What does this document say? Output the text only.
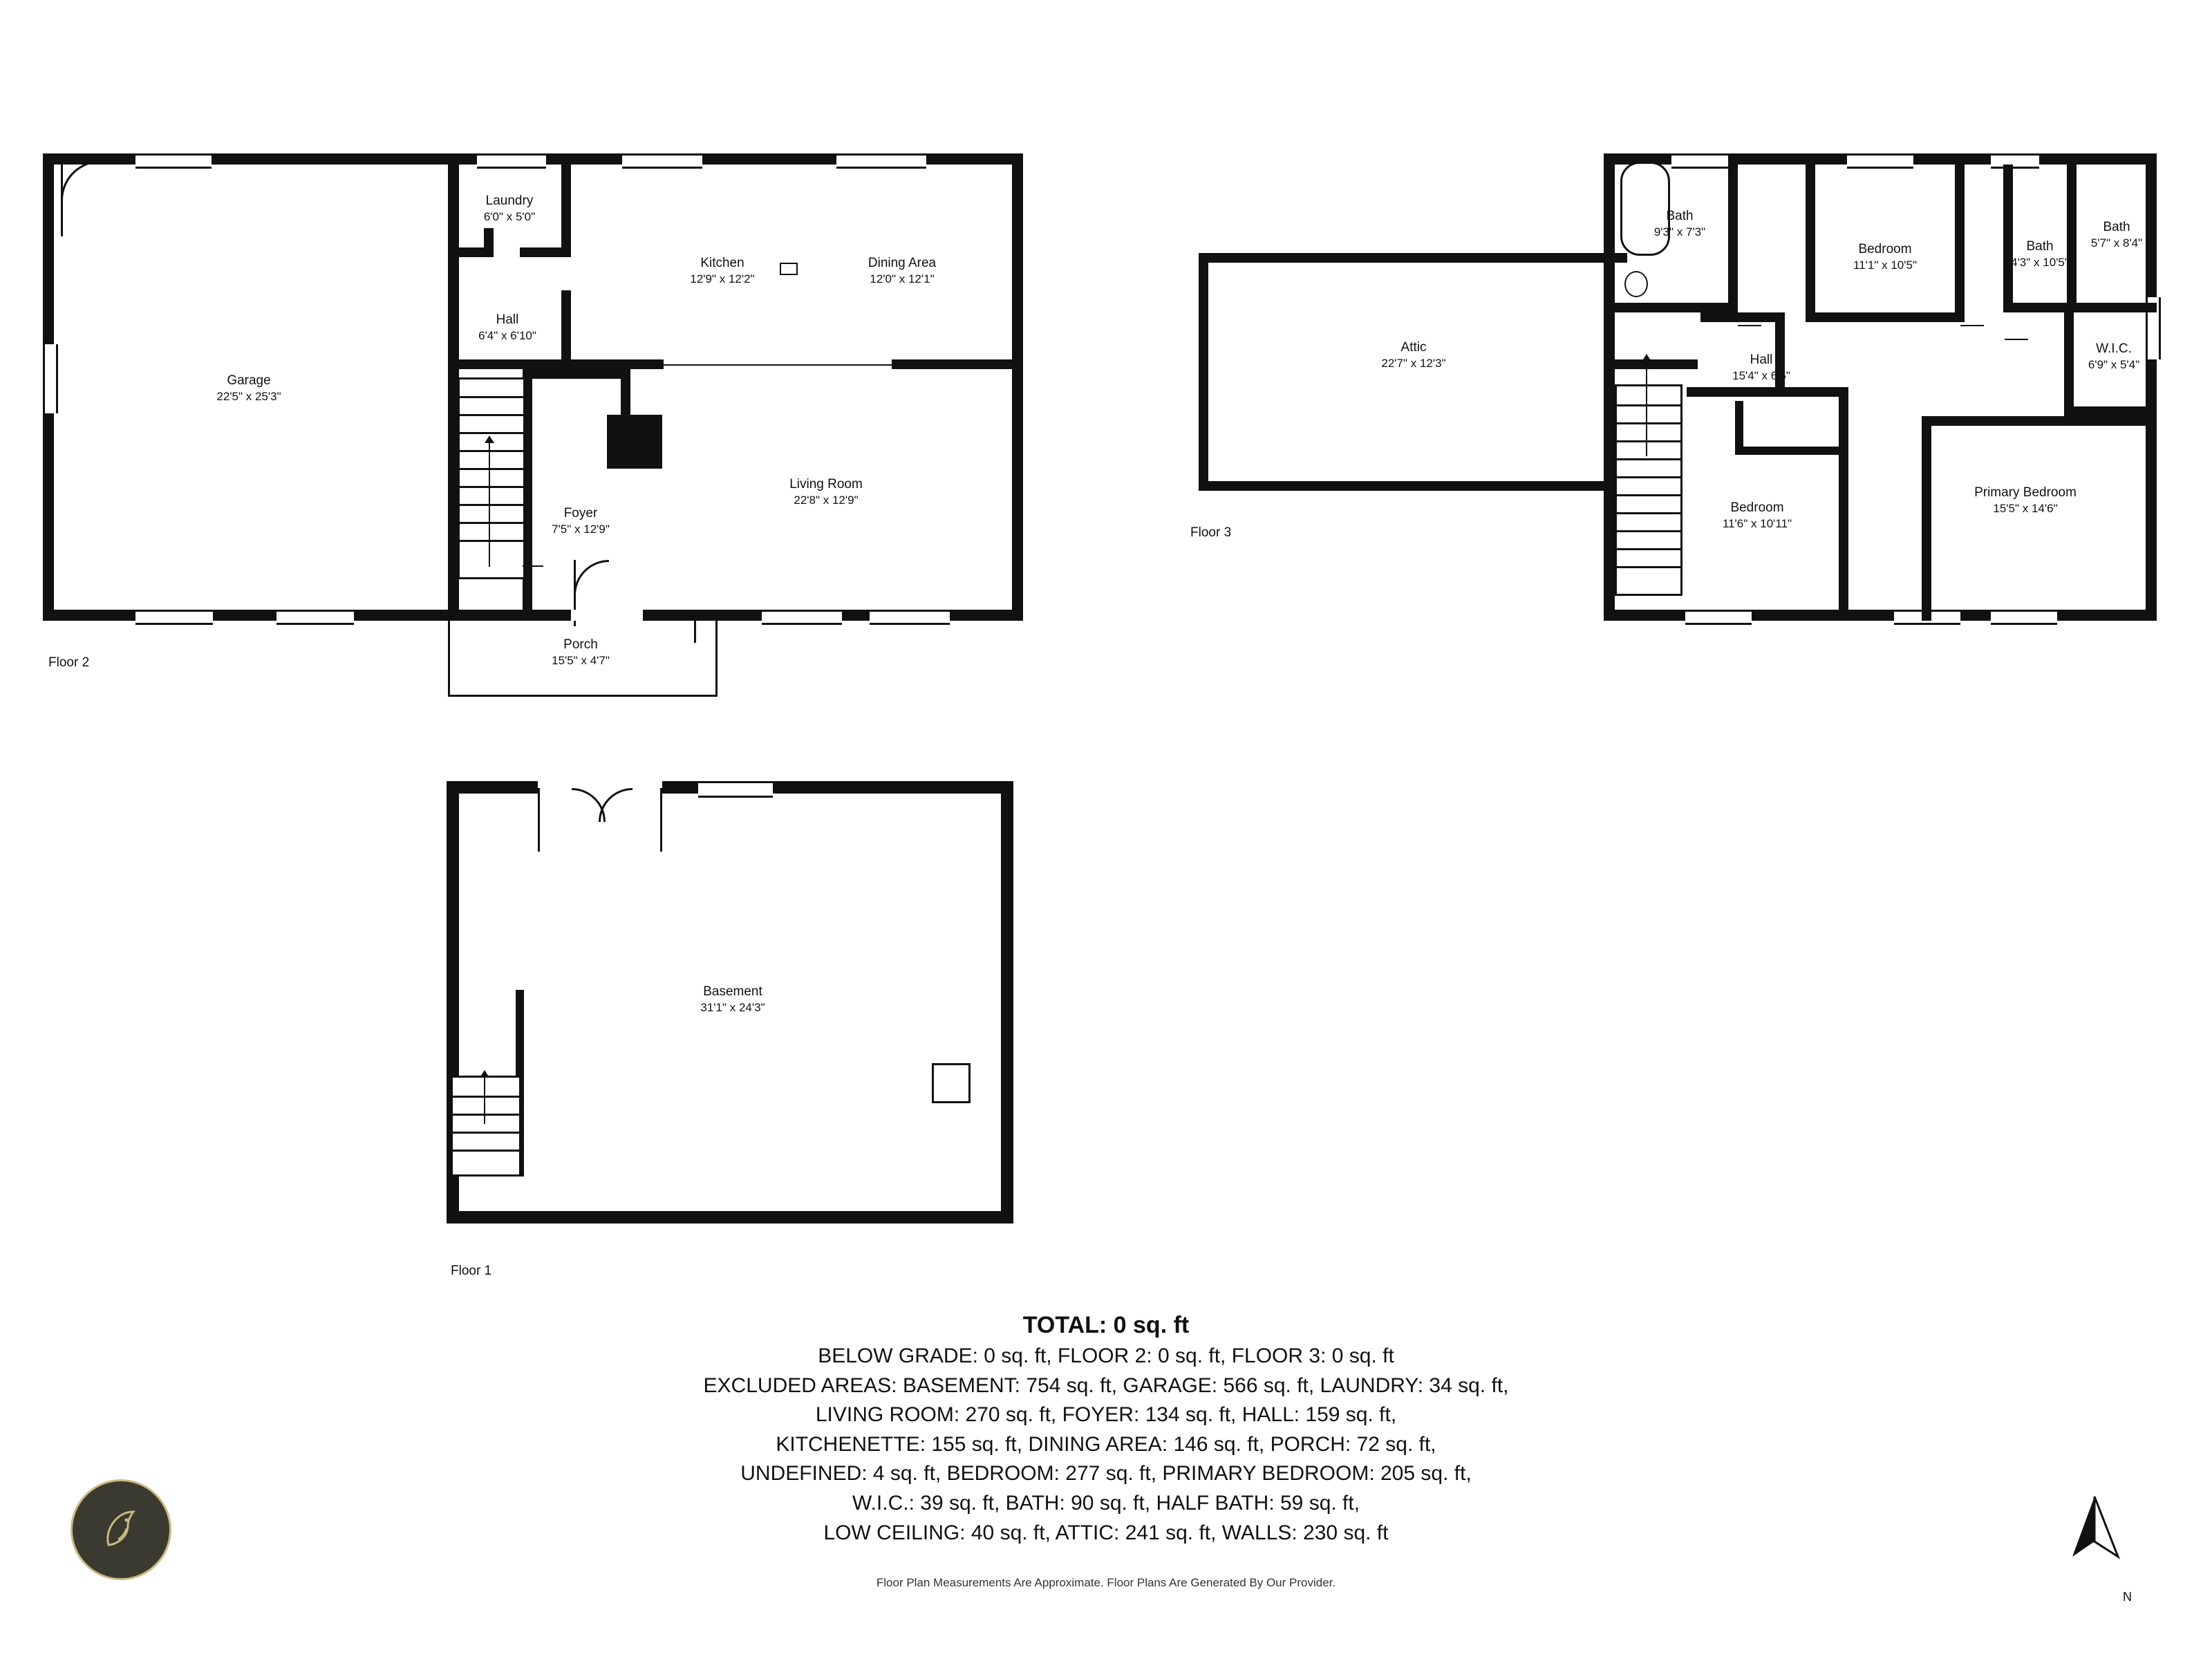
Garage
22'5" x 25'3"
Laundry
6'0" x 5'0"
Hall
6'4" x 6'10"
Kitchen
12'9" x 12'2"
Dining Area
12'0" x 12'1"
Living Room
22'8" x 12'9"
Foyer
7'5" x 12'9"
Porch
15'5" x 4'7"
Floor 2
Attic
22'7" x 12'3"
Bath
9'3" x 7'3"
Bedroom
11'1" x 10'5"
Bath
4'3" x 10'5"
Bath
5'7" x 8'4"
W.I.C.
6'9" x 5'4"
Hall
15'4" x 6'5"
Bedroom
11'6" x 10'11"
Primary Bedroom
15'5" x 14'6"
Floor 3
Basement
31'1" x 24'3"
Floor 1
TOTAL: 0 sq. ft
BELOW GRADE: 0 sq. ft, FLOOR 2: 0 sq. ft, FLOOR 3: 0 sq. ft
EXCLUDED AREAS: BASEMENT: 754 sq. ft, GARAGE: 566 sq. ft, LAUNDRY: 34 sq. ft,
LIVING ROOM: 270 sq. ft, FOYER: 134 sq. ft, HALL: 159 sq. ft,
KITCHENETTE: 155 sq. ft, DINING AREA: 146 sq. ft, PORCH: 72 sq. ft,
UNDEFINED: 4 sq. ft, BEDROOM: 277 sq. ft, PRIMARY BEDROOM: 205 sq. ft,
W.I.C.: 39 sq. ft, BATH: 90 sq. ft, HALF BATH: 59 sq. ft,
LOW CEILING: 40 sq. ft, ATTIC: 241 sq. ft, WALLS: 230 sq. ft
Floor Plan Measurements Are Approximate. Floor Plans Are Generated By Our Provider.
N
